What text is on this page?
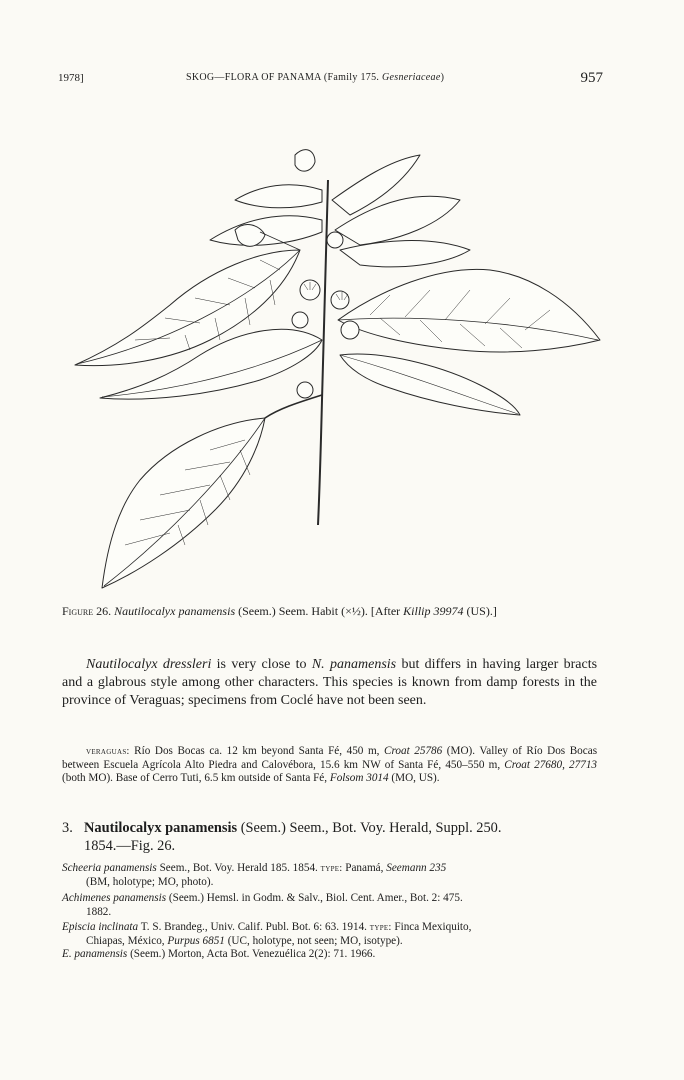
1978]	SKOG—FLORA OF PANAMA (Family 175. Gesneriaceae)	957
Figure 26. Nautilocalyx panamensis (Seem.) Seem. Habit (×½). [After Killip 39974 (US).]
Nautilocalyx dressleri is very close to N. panamensis but differs in having larger bracts and a glabrous style among other characters. This species is known from damp forests in the province of Veraguas; specimens from Coclé have not been seen.
veraguas: Río Dos Bocas ca. 12 km beyond Santa Fé, 450 m, Croat 25786 (MO). Valley of Río Dos Bocas between Escuela Agrícola Alto Piedra and Calovébora, 15.6 km NW of Santa Fé, 450–550 m, Croat 27680, 27713 (both MO). Base of Cerro Tuti, 6.5 km outside of Santa Fé, Folsom 3014 (MO, US).
3. Nautilocalyx panamensis (Seem.) Seem., Bot. Voy. Herald, Suppl. 250.
1854.—Fig. 26.
Scheeria panamensis Seem., Bot. Voy. Herald 185. 1854. type: Panamá, Seemann 235
(BM, holotype; MO, photo).
Achimenes panamensis (Seem.) Hemsl. in Godm. & Salv., Biol. Cent. Amer., Bot. 2: 475.
1882.
Episcia inclinata T. S. Brandeg., Univ. Calif. Publ. Bot. 6: 63. 1914. type: Finca Mexiquito,
Chiapas, México, Purpus 6851 (UC, holotype, not seen; MO, isotype).
E. panamensis (Seem.) Morton, Acta Bot. Venezuélica 2(2): 71. 1966.
